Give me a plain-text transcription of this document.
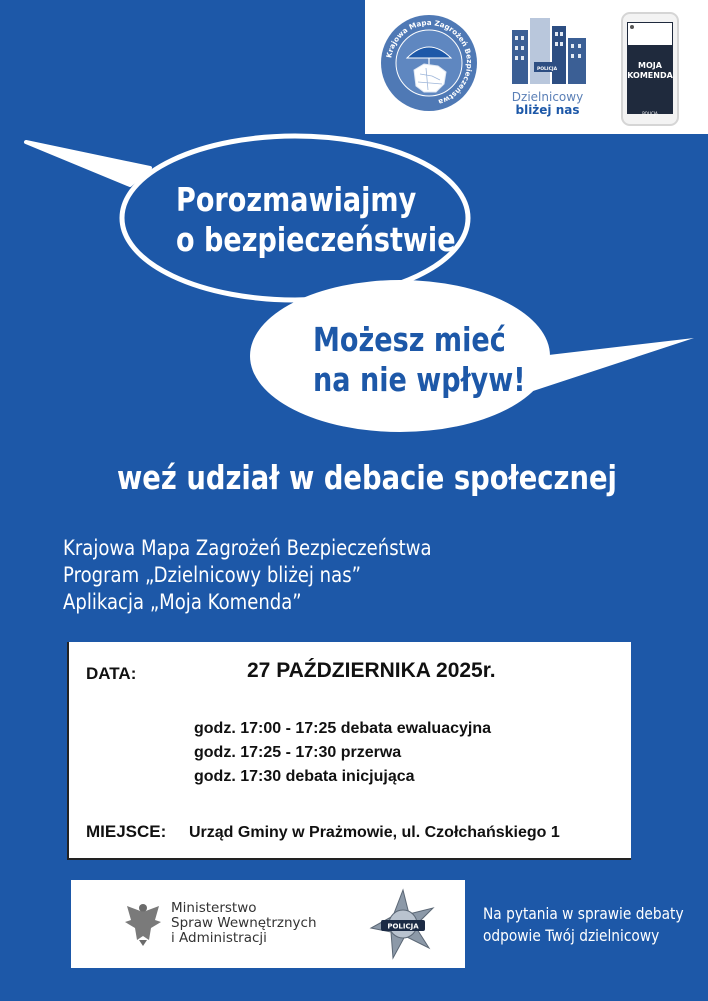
Krajowa Mapa Zagrożeń Bezpieczeństwa
POLICJA
Dzielnicowy
bliżej nas
MOJA
KOMENDA
POLICJA
Porozmawiajmy
o bezpieczeństwie
Możesz mieć
na nie wpływ!
weź udział w debacie społecznej
Krajowa Mapa Zagrożeń Bezpieczeństwa
Program „Dzielnicowy bliżej nas”
Aplikacja „Moja Komenda”
DATA:	27 PAŹDZIERNIKA 2025r.
godz. 17:00 - 17:25 debata ewaluacyjna
godz. 17:25 - 17:30 przerwa
godz. 17:30 debata inicjująca
MIEJSCE: Urząd Gminy w Prażmowie, ul. Czołchańskiego 1
Ministerstwo
Spraw Wewnętrznych
i Administracji
POLICJA
Na pytania w sprawie debaty
odpowie Twój dzielnicowy
